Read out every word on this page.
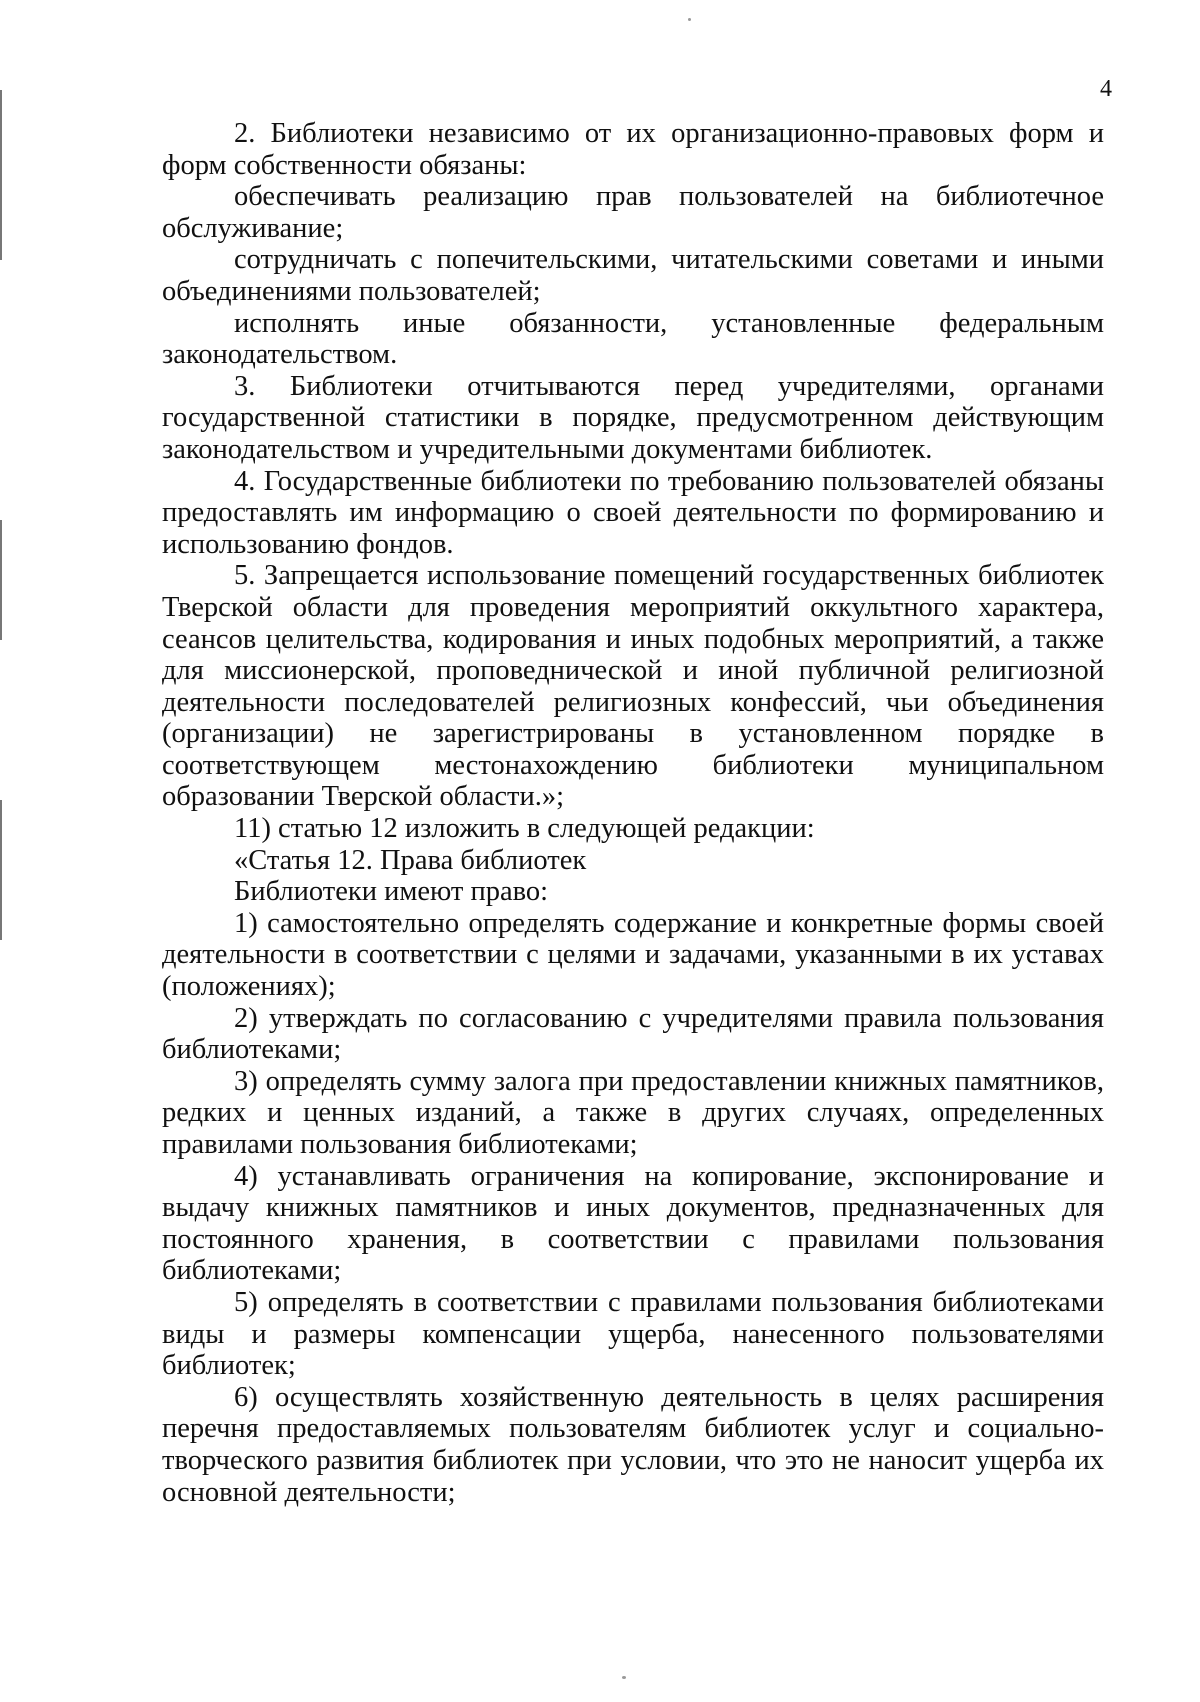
4

2. Библиотеки независимо от их организационно-правовых форм и форм собственности обязаны:

обеспечивать реализацию прав пользователей на библиотечное обслуживание;

сотрудничать с попечительскими, читательскими советами и иными объединениями пользователей;

исполнять иные обязанности, установленные федеральным законодательством.

3. Библиотеки отчитываются перед учредителями, органами государственной статистики в порядке, предусмотренном действующим законодательством и учредительными документами библиотек.

4. Государственные библиотеки по требованию пользователей обязаны предоставлять им информацию о своей деятельности по формированию и использованию фондов.

5. Запрещается использование помещений государственных библиотек Тверской области для проведения мероприятий оккультного характера, сеансов целительства, кодирования и иных подобных мероприятий, а также для миссионерской, проповеднической и иной публичной религиозной деятельности последователей религиозных конфессий, чьи объединения (организации) не зарегистрированы в установленном порядке в соответствующем местонахождению библиотеки муниципальном образовании Тверской области.»;

11) статью 12 изложить в следующей редакции:

«Статья 12. Права библиотек

Библиотеки имеют право:

1) самостоятельно определять содержание и конкретные формы своей деятельности в соответствии с целями и задачами, указанными в их уставах (положениях);

2) утверждать по согласованию с учредителями правила пользования библиотеками;

3) определять сумму залога при предоставлении книжных памятников, редких и ценных изданий, а также в других случаях, определенных правилами пользования библиотеками;

4) устанавливать ограничения на копирование, экспонирование и выдачу книжных памятников и иных документов, предназначенных для постоянного хранения, в соответствии с правилами пользования библиотеками;

5) определять в соответствии с правилами пользования библиотеками виды и размеры компенсации ущерба, нанесенного пользователями библиотек;

6) осуществлять хозяйственную деятельность в целях расширения перечня предоставляемых пользователям библиотек услуг и социально-творческого развития библиотек при условии, что это не наносит ущерба их основной деятельности;
